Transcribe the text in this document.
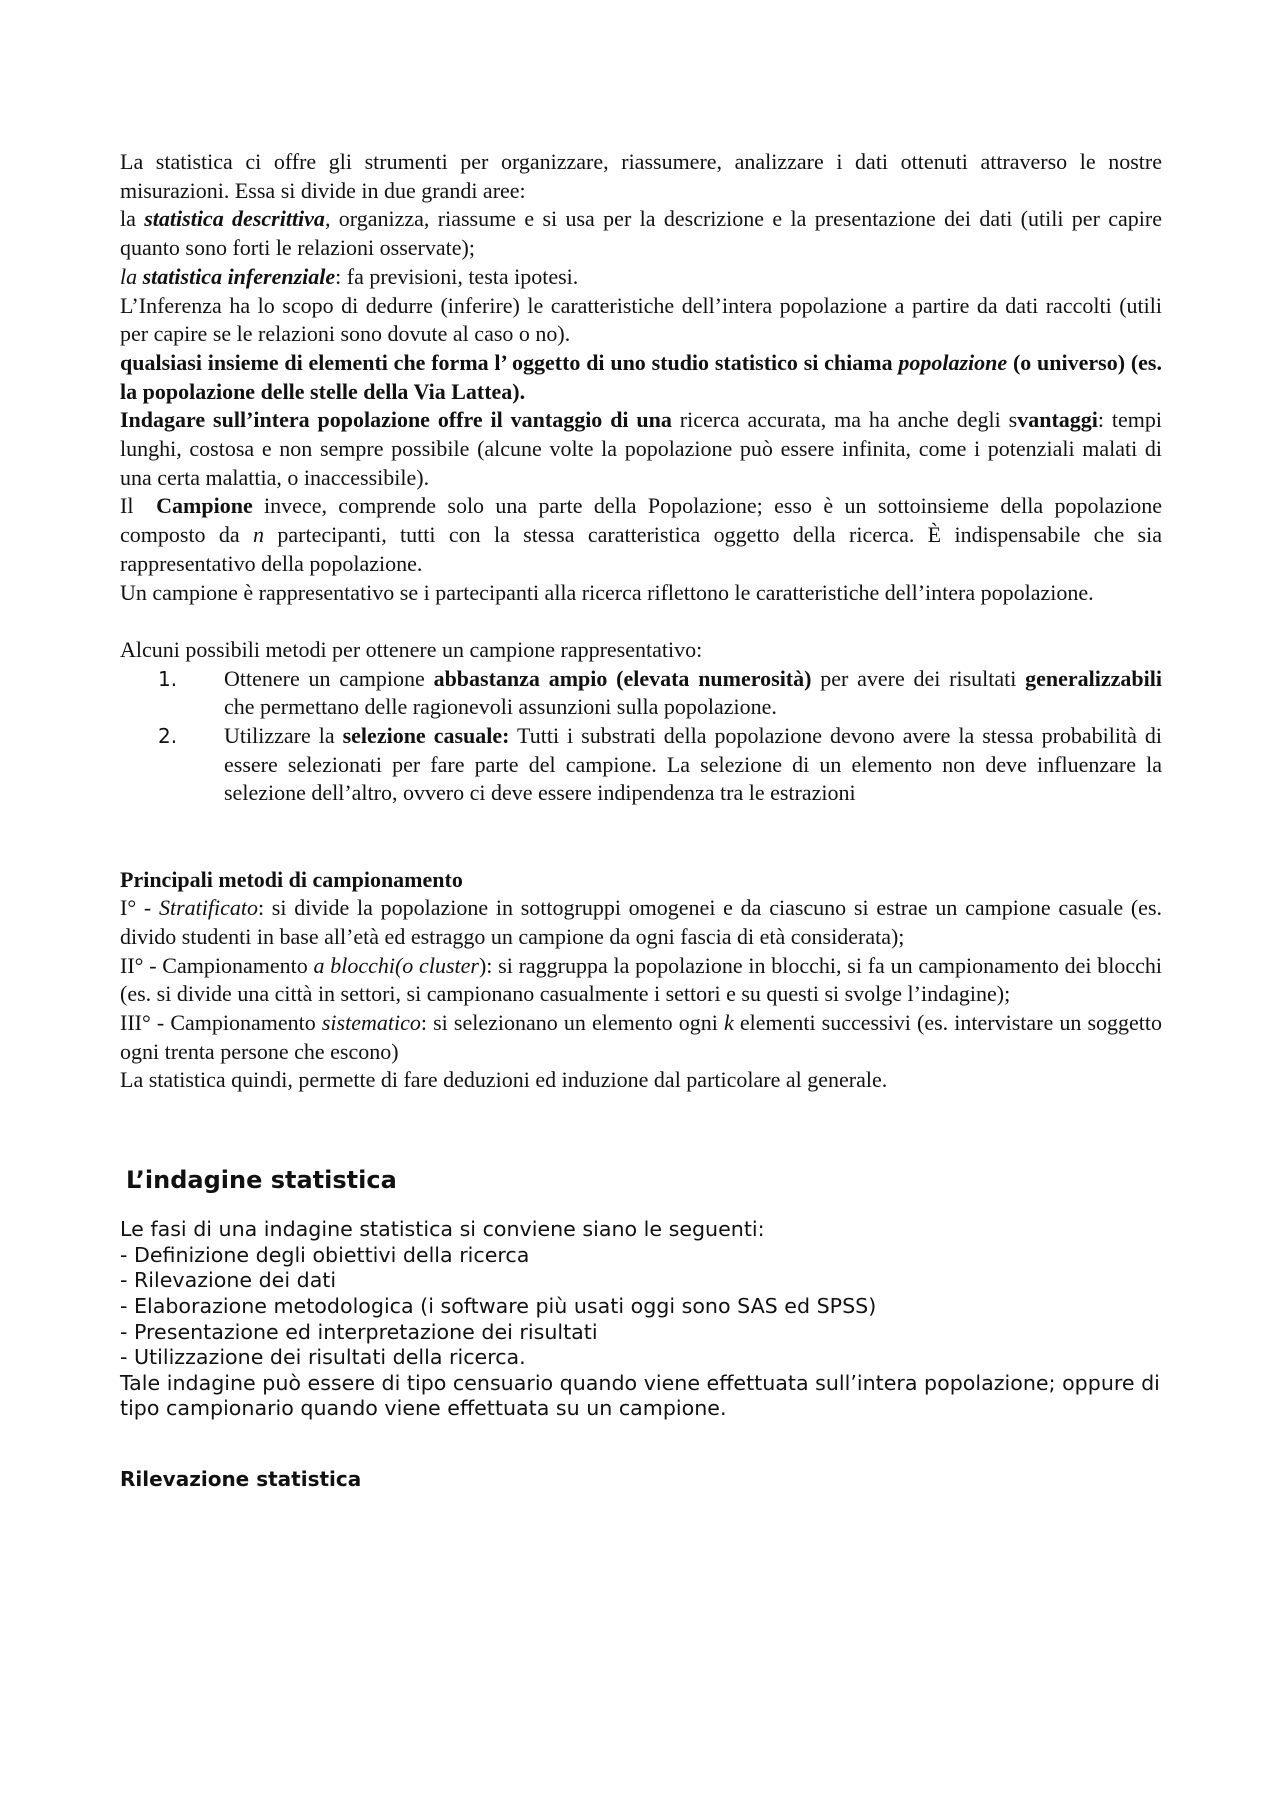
La statistica ci offre gli strumenti per organizzare, riassumere, analizzare i dati ottenuti attraverso le nostre misurazioni. Essa si divide in due grandi aree:

la statistica descrittiva, organizza, riassume e si usa per la descrizione e la presentazione dei dati (utili per capire quanto sono forti le relazioni osservate);

la statistica inferenziale: fa previsioni, testa ipotesi.

L’Inferenza ha lo scopo di dedurre (inferire) le caratteristiche dell’intera popolazione a partire da dati raccolti (utili per capire se le relazioni sono dovute al caso o no).

qualsiasi insieme di elementi che forma l’ oggetto di uno studio statistico si chiama popolazione (o universo) (es. la popolazione delle stelle della Via Lattea).

Indagare sull’intera popolazione offre il vantaggio di una ricerca accurata, ma ha anche degli svantaggi: tempi lunghi, costosa e non sempre possibile (alcune volte la popolazione può essere infinita, come i potenziali malati di una certa malattia, o inaccessibile).

Il  Campione invece, comprende solo una parte della Popolazione; esso è un sottoinsieme della popolazione composto da n partecipanti, tutti con la stessa caratteristica oggetto della ricerca. È indispensabile che sia rappresentativo della popolazione.

Un campione è rappresentativo se i partecipanti alla ricerca riflettono le caratteristiche dell’intera popolazione.

Alcuni possibili metodi per ottenere un campione rappresentativo:

1. Ottenere un campione abbastanza ampio (elevata numerosità) per avere dei risultati generalizzabili che permettano delle ragionevoli assunzioni sulla popolazione.
2. Utilizzare la selezione casuale: Tutti i substrati della popolazione devono avere la stessa probabilità di essere selezionati per fare parte del campione. La selezione di un elemento non deve influenzare la selezione dell’altro, ovvero ci deve essere indipendenza tra le estrazioni

Principali metodi di campionamento

I° - Stratificato: si divide la popolazione in sottogruppi omogenei e da ciascuno si estrae un campione casuale (es. divido studenti in base all’età ed estraggo un campione da ogni fascia di età considerata);

II° - Campionamento a blocchi(o cluster): si raggruppa la popolazione in blocchi, si fa un campionamento dei blocchi (es. si divide una città in settori, si campionano casualmente i settori e su questi si svolge l’indagine);

III° - Campionamento sistematico: si selezionano un elemento ogni k elementi successivi (es. intervistare un soggetto ogni trenta persone che escono)

La statistica quindi, permette di fare deduzioni ed induzione dal particolare al generale.

L’indagine statistica

Le fasi di una indagine statistica si conviene siano le seguenti:

- Definizione degli obiettivi della ricerca

- Rilevazione dei dati

- Elaborazione metodologica (i software più usati oggi sono SAS ed SPSS)

- Presentazione ed interpretazione dei risultati

- Utilizzazione dei risultati della ricerca.

Tale indagine può essere di tipo censuario quando viene effettuata sull’intera popolazione; oppure di tipo campionario quando viene effettuata su un campione.

Rilevazione statistica
